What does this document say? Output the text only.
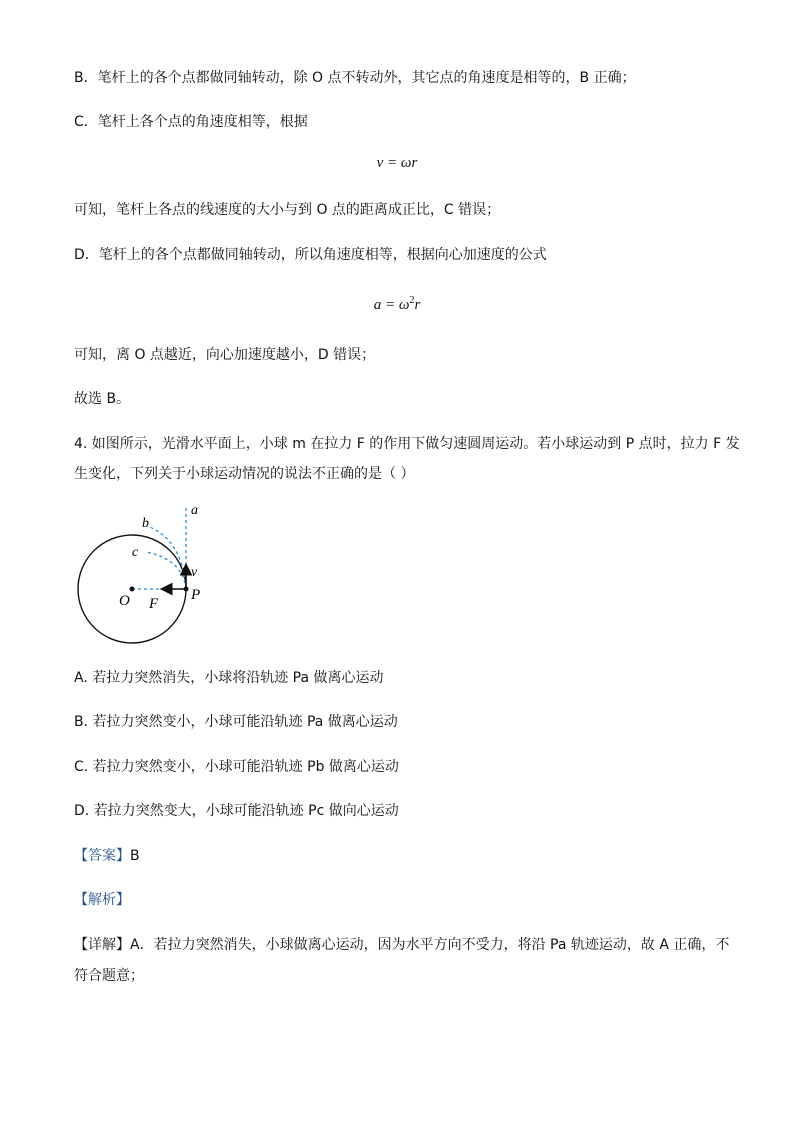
B．笔杆上的各个点都做同轴转动，除 O 点不转动外，其它点的角速度是相等的，B 正确；
C．笔杆上各个点的角速度相等，根据
v = ωr
可知，笔杆上各点的线速度的大小与到 O 点的距离成正比，C 错误；
D．笔杆上的各个点都做同轴转动，所以角速度相等，根据向心加速度的公式
$a = \omega^2r$
可知，离 O 点越近，向心加速度越小，D 错误；
故选 B。
4. 如图所示，光滑水平面上，小球 m 在拉力 F 的作用下做匀速圆周运动。若小球运动到 P 点时，拉力 F 发
生变化，下列关于小球运动情况的说法不正确的是（ ）
a
b
c
v
O F
P
A. 若拉力突然消失，小球将沿轨迹 Pa 做离心运动
B. 若拉力突然变小，小球可能沿轨迹 Pa 做离心运动
C. 若拉力突然变小，小球可能沿轨迹 Pb 做离心运动
D. 若拉力突然变大，小球可能沿轨迹 Pc 做向心运动
【答案】B
【解析】
【详解】A．若拉力突然消失，小球做离心运动，因为水平方向不受力，将沿 Pa 轨迹运动，故 A 正确，不
符合题意；
